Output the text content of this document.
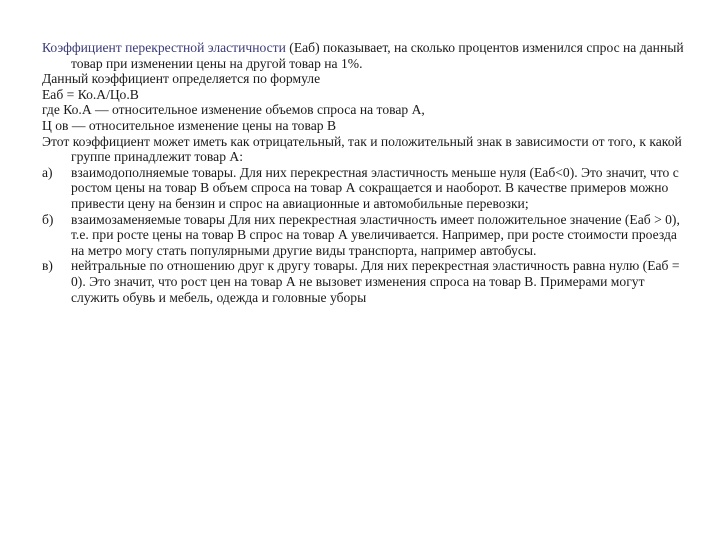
Коэффициент перекрестной эластичности (Еаб) показывает, на сколько процентов изменился спрос на данный товар при изменении цены на другой товар на 1%.

Данный коэффициент определяется по формуле

Еаб = Ко.А/Цо.В

где Ко.А — относительное изменение объемов спроса на товар А,

Ц ов — относительное изменение цены на товар В

Этот коэффициент может иметь как отрицательный, так и положительный знак в зависимости от того, к какой группе принадлежит товар А:

а)	взаимодополняемые товары. Для них перекрестная эластичность меньше нуля (Еаб<0). Это значит, что с ростом цены на товар В объем спроса на товар А сокращается и наоборот. В качестве примеров можно привести цену на бензин и спрос на авиационные и автомобильные перевозки;
б)	взаимозаменяемые товары Для них перекрестная эластичность имеет положительное значение (Еаб > 0), т.е. при росте цены на товар В спрос на товар А увеличивается. Например, при росте стоимости проезда на метро могу стать популярными другие виды транспорта, например автобусы.
в)	нейтральные по отношению друг к другу товары. Для них перекрестная эластичность равна нулю (Еаб = 0). Это значит, что рост цен на товар А не вызовет изменения спроса на товар В. Примерами могут служить обувь и мебель, одежда и головные уборы
